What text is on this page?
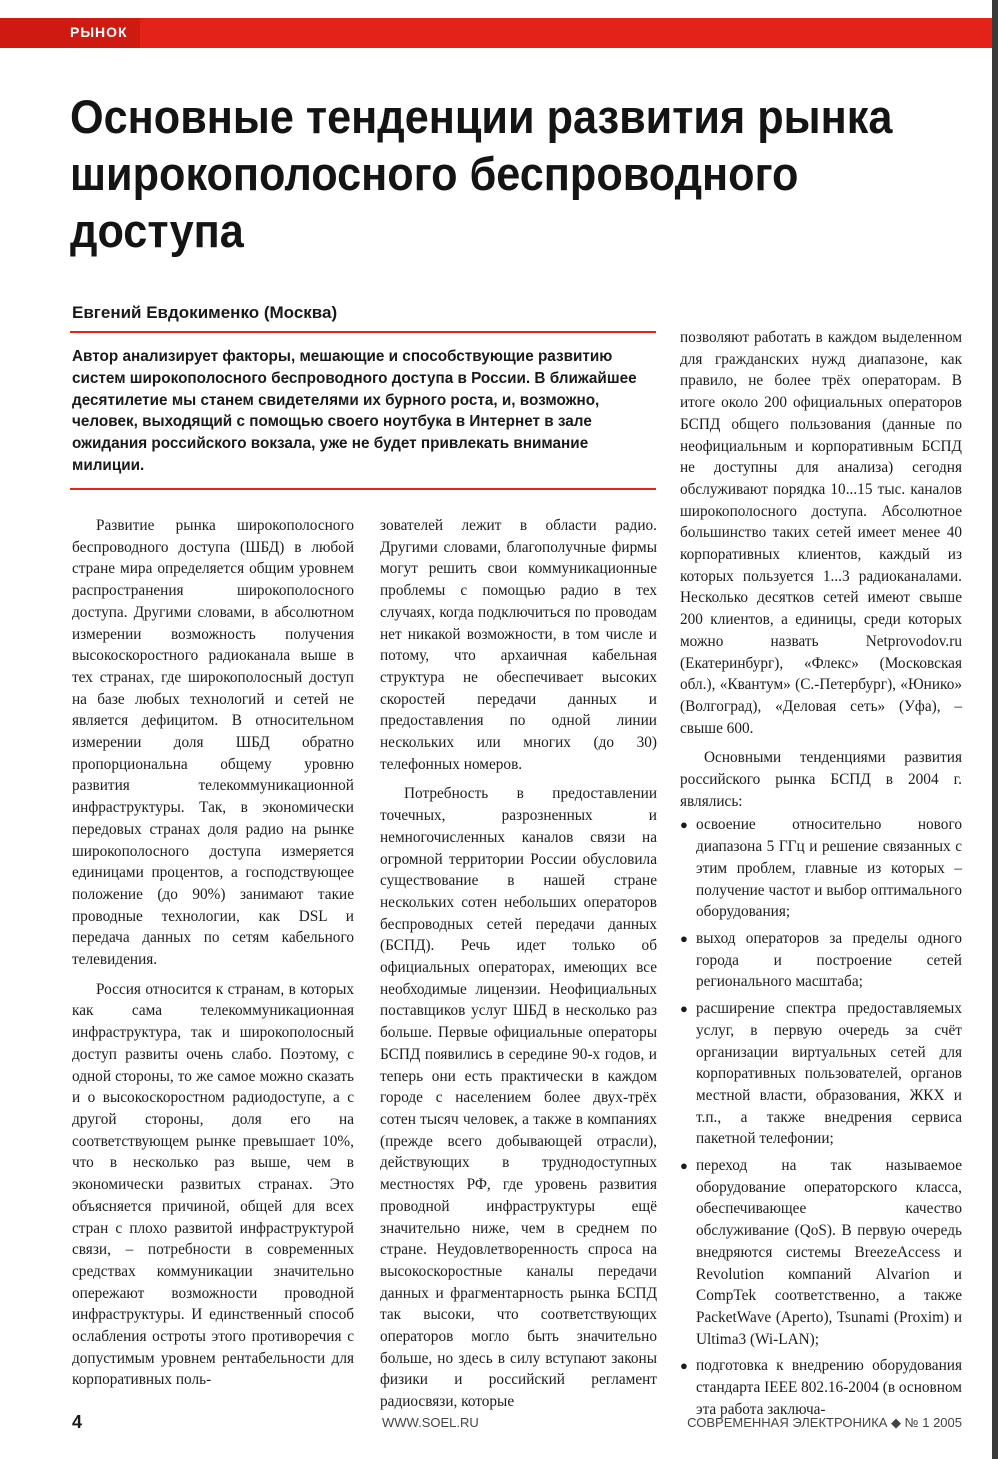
РЫНОК
Основные тенденции развития рынка широкополосного беспроводного доступа
Евгений Евдокименко (Москва)

Автор анализирует факторы, мешающие и способствующие развитию систем широкополосного беспроводного доступа в России. В ближайшее десятилетие мы станем свидетелями их бурного роста, и, возможно, человек, выходящий с помощью своего ноутбука в Интернет в зале ожидания российского вокзала, уже не будет привлекать внимание милиции.

Развитие рынка широкополосного беспроводного доступа (ШБД) в любой стране мира определяется общим уровнем распространения широкополосного доступа. Другими словами, в абсолютном измерении возможность получения высокоскоростного радиоканала выше в тех странах, где широкополосный доступ на базе любых технологий и сетей не является дефицитом. В относительном измерении доля ШБД обратно пропорциональна общему уровню развития телекоммуникационной инфраструктуры. Так, в экономически передовых странах доля радио на рынке широкополосного доступа измеряется единицами процентов, а господствующее положение (до 90%) занимают такие проводные технологии, как DSL и передача данных по сетям кабельного телевидения.

Россия относится к странам, в которых как сама телекоммуникационная инфраструктура, так и широкополосный доступ развиты очень слабо. Поэтому, с одной стороны, то же самое можно сказать и о высокоскоростном радиодоступе, а с другой стороны, доля его на соответствующем рынке превышает 10%, что в несколько раз выше, чем в экономически развитых странах. Это объясняется причиной, общей для всех стран с плохо развитой инфраструктурой связи, – потребности в современных средствах коммуникации значительно опережают возможности проводной инфраструктуры. И единственный способ ослабления остроты этого противоречия с допустимым уровнем рентабельности для корпоративных поль-

зователей лежит в области радио. Другими словами, благополучные фирмы могут решить свои коммуникационные проблемы с помощью радио в тех случаях, когда подключиться по проводам нет никакой возможности, в том числе и потому, что архаичная кабельная структура не обеспечивает высоких скоростей передачи данных и предоставления по одной линии нескольких или многих (до 30) телефонных номеров.

Потребность в предоставлении точечных, разрозненных и немногочисленных каналов связи на огромной территории России обусловила существование в нашей стране нескольких сотен небольших операторов беспроводных сетей передачи данных (БСПД). Речь идет только об официальных операторах, имеющих все необходимые лицензии. Неофициальных поставщиков услуг ШБД в несколько раз больше. Первые официальные операторы БСПД появились в середине 90-х годов, и теперь они есть практически в каждом городе с населением более двух-трёх сотен тысяч человек, а также в компаниях (прежде всего добывающей отрасли), действующих в труднодоступных местностях РФ, где уровень развития проводной инфраструктуры ещё значительно ниже, чем в среднем по стране. Неудовлетворенность спроса на высокоскоростные каналы передачи данных и фрагментарность рынка БСПД так высоки, что соответствующих операторов могло быть значительно больше, но здесь в силу вступают законы физики и российский регламент радиосвязи, которые

позволяют работать в каждом выделенном для гражданских нужд диапазоне, как правило, не более трёх операторам. В итоге около 200 официальных операторов БСПД общего пользования (данные по неофициальным и корпоративным БСПД не доступны для анализа) сегодня обслуживают порядка 10...15 тыс. каналов широкополосного доступа. Абсолютное большинство таких сетей имеет менее 40 корпоративных клиентов, каждый из которых пользуется 1...3 радиоканалами. Несколько десятков сетей имеют свыше 200 клиентов, а единицы, среди которых можно назвать Netprovodov.ru (Екатеринбург), «Флекс» (Московская обл.), «Квантум» (С.-Петербург), «Юнико» (Волгоград), «Деловая сеть» (Уфа), – свыше 600.

Основными тенденциями развития российского рынка БСПД в 2004 г. являлись:

● освоение относительно нового диапазона 5 ГГц и решение связанных с этим проблем, главные из которых – получение частот и выбор оптимального оборудования;
● выход операторов за пределы одного города и построение сетей регионального масштаба;
● расширение спектра предоставляемых услуг, в первую очередь за счёт организации виртуальных сетей для корпоративных пользователей, органов местной власти, образования, ЖКХ и т.п., а также внедрения сервиса пакетной телефонии;
● переход на так называемое оборудование операторского класса, обеспечивающее качество обслуживание (QoS). В первую очередь внедряются системы BreezeAccess и Revolution компаний Alvarion и CompTek соответственно, а также PacketWave (Aperto), Tsunami (Proxim) и Ultima3 (Wi-LAN);
● подготовка к внедрению оборудования стандарта IEEE 802.16-2004 (в основном эта работа заключа-
4	WWW.SOEL.RU	СОВРЕМЕННАЯ ЭЛЕКТРОНИКА ◆ № 1 2005
